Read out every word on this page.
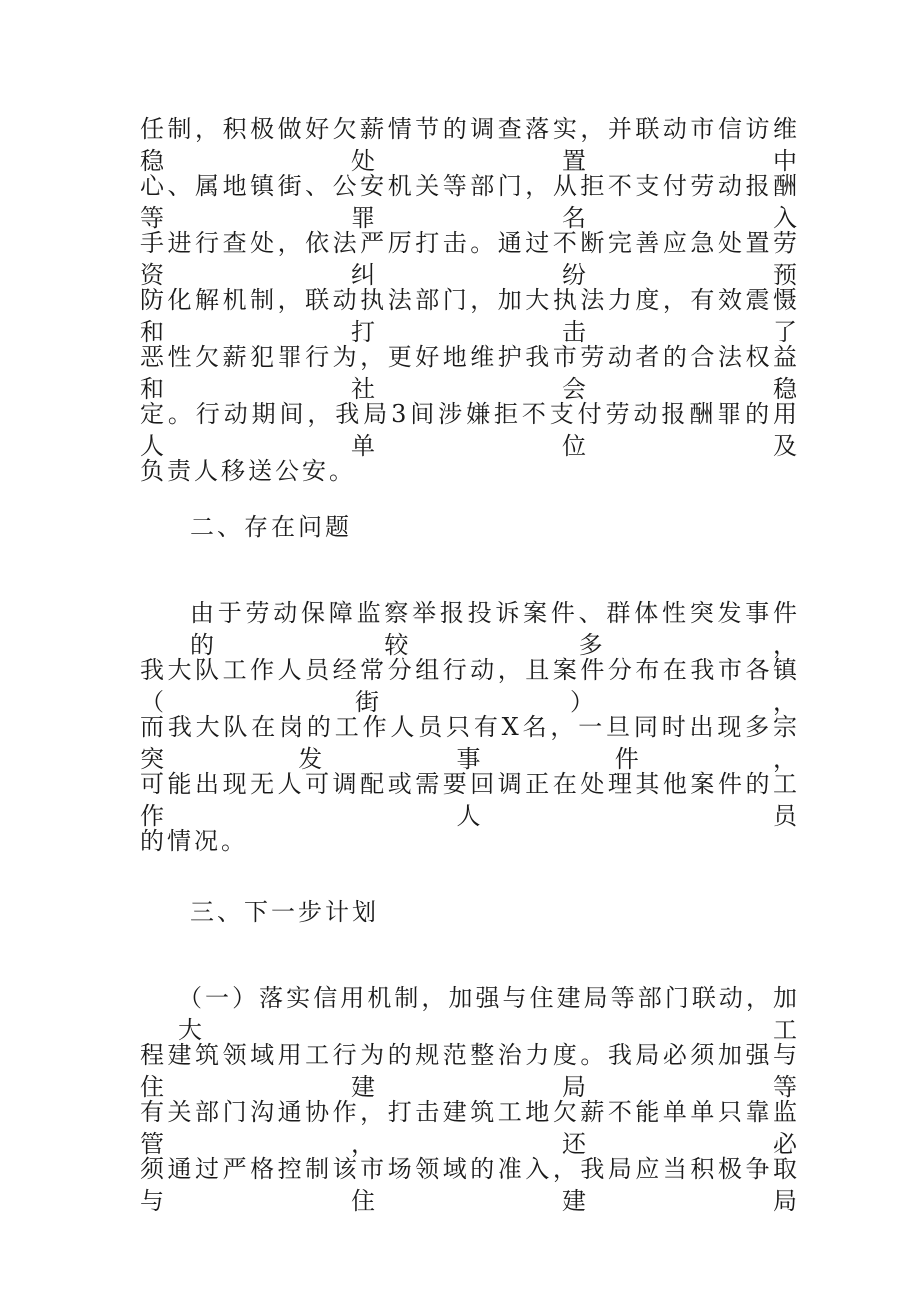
任制，积极做好欠薪情节的调查落实，并联动市信访维稳处置中
心、属地镇街、公安机关等部门，从拒不支付劳动报酬等罪名入
手进行查处，依法严厉打击。通过不断完善应急处置劳资纠纷预
防化解机制，联动执法部门，加大执法力度，有效震慑和打击了
恶性欠薪犯罪行为，更好地维护我市劳动者的合法权益和社会稳
定。行动期间，我局3间涉嫌拒不支付劳动报酬罪的用人单位及
负责人移送公安。
二、存在问题
由于劳动保障监察举报投诉案件、群体性突发事件的较多，
我大队工作人员经常分组行动，且案件分布在我市各镇（街），
而我大队在岗的工作人员只有X名，一旦同时出现多宗突发事件，
可能出现无人可调配或需要回调正在处理其他案件的工作人员
的情况。
三、下一步计划
（一）落实信用机制，加强与住建局等部门联动，加大工
程建筑领域用工行为的规范整治力度。我局必须加强与住建局等
有关部门沟通协作，打击建筑工地欠薪不能单单只靠监管，还必
须通过严格控制该市场领域的准入，我局应当积极争取与住建局
